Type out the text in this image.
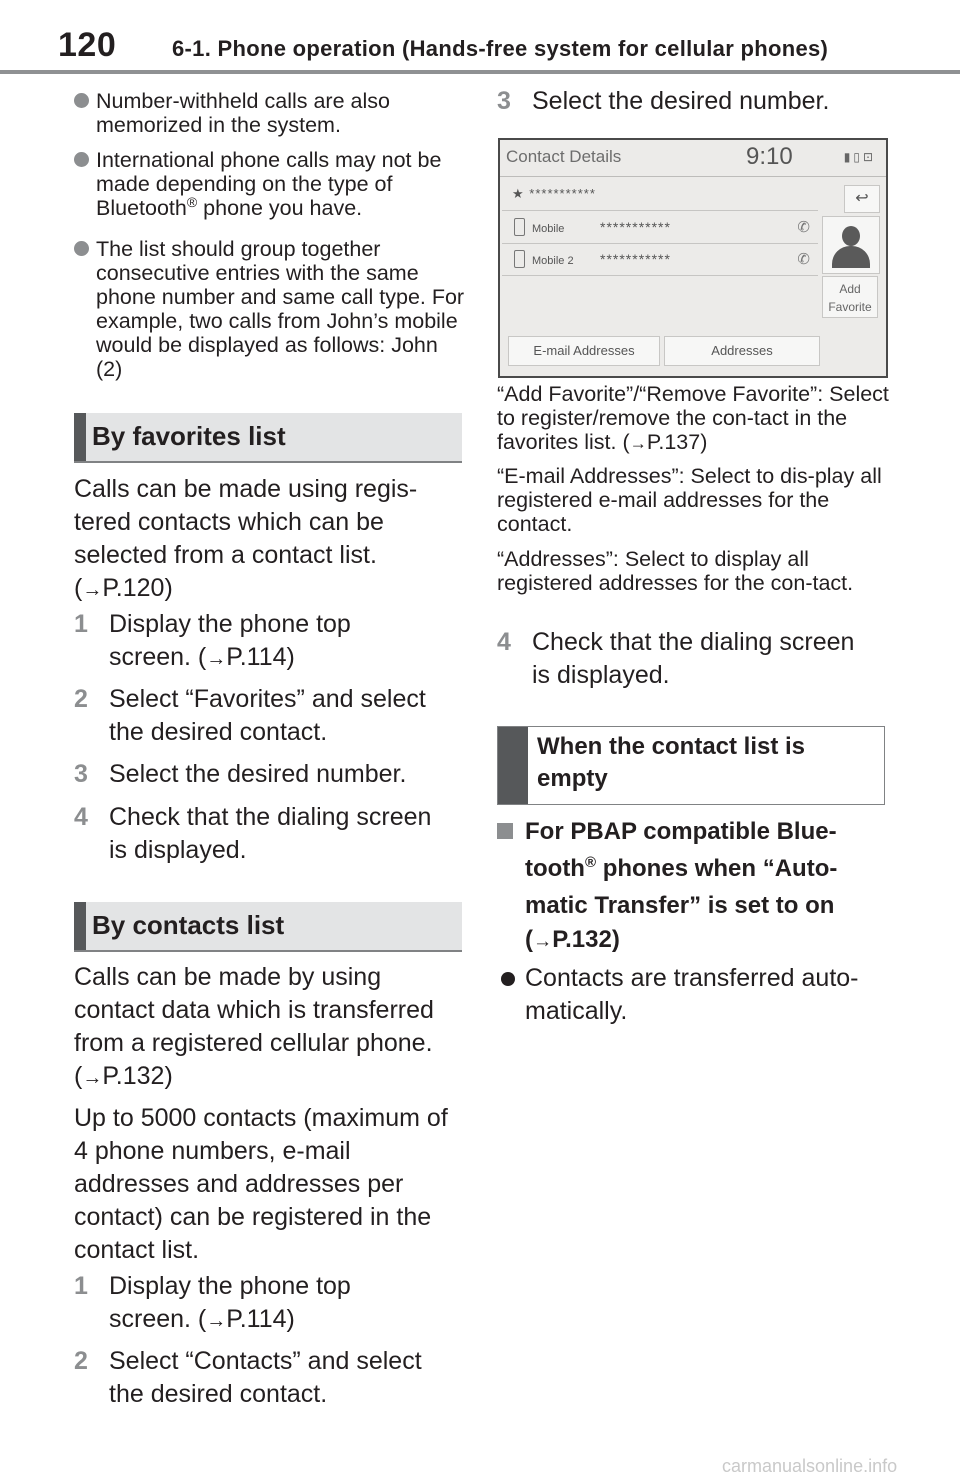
120	6-1. Phone operation (Hands-free system for cellular phones)
Number-withheld calls are also memorized in the system.
International phone calls may not be made depending on the type of Bluetooth® phone you have.
The list should group together consecutive entries with the same phone number and same call type. For example, two calls from John’s mobile would be displayed as follows: John (2)
By favorites list
Calls can be made using regis-tered contacts which can be selected from a contact list.
(→P.120)
1 Display the phone top
screen. (→P.114)
2 Select “Favorites” and select
the desired contact.
3 Select the desired number.
4 Check that the dialing screen
is displayed.
By contacts list
Calls can be made by using contact data which is transferred from a registered cellular phone.
(→P.132)
Up to 5000 contacts (maximum of 4 phone numbers, e-mail addresses and addresses per contact) can be registered in the contact list.
1 Display the phone top
screen. (→P.114)
2 Select “Contacts” and select
the desired contact.
3 Select the desired number.
Contact Details	9:10	▮▯⊡
★ ***********
Mobile	***********	✆
Mobile 2 ***********	✆
↩
Add Favorite
E-mail Addresses	Addresses
“Add Favorite”/“Remove Favorite”: Select to register/remove the con-tact in the favorites list. (→P.137)
“E-mail Addresses”: Select to dis-play all registered e-mail addresses for the contact.
“Addresses”: Select to display all registered addresses for the con-tact.
4 Check that the dialing screen
is displayed.
When the contact list is empty
For PBAP compatible Blue-
tooth® phones when “Auto-
matic Transfer” is set to on
(→P.132)
Contacts are transferred auto-matically.
carmanualsonline.info
